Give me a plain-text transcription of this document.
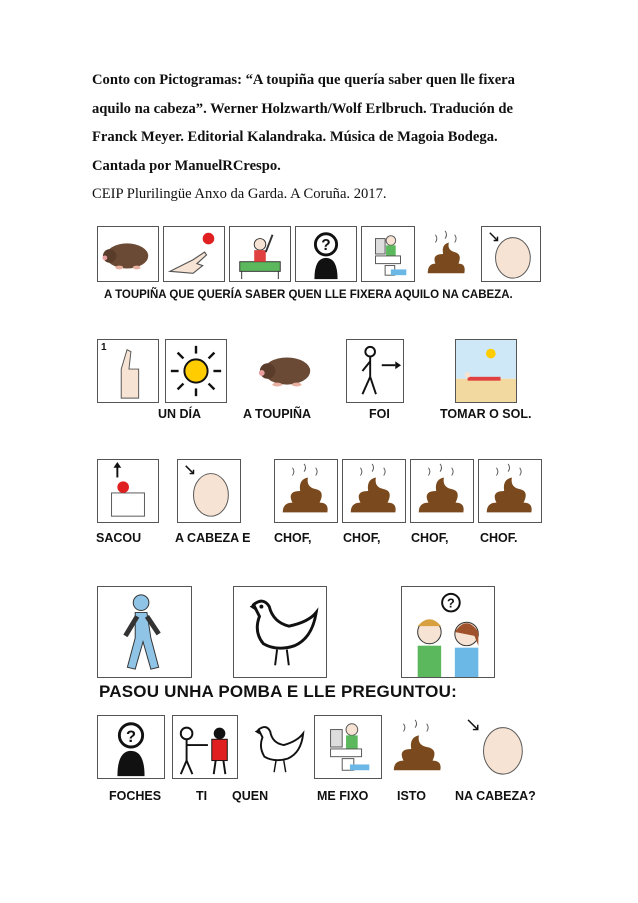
Conto con Pictogramas: “A toupiña que quería saber quen lle fixera
aquilo na cabeza”. Werner Holzwarth/Wolf Erlbruch. Tradución de
Franck Meyer. Editorial Kalandraka. Música de Magoia Bodega.
Cantada por ManuelRCrespo.
CEIP Plurilingüe Anxo da Garda. A Coruña. 2017.
?
A TOUPIÑA QUE QUERÍA SABER QUEN LLE FIXERA AQUILO NA CABEZA.
1
UN DÍA	A TOUPIÑA	FOI	TOMAR O SOL.
SACOU	A CABEZA E CHOF,	CHOF, CHOF,	CHOF.
?
PASOU UNHA POMBA E LLE PREGUNTOU:
?
FOCHES	TI QUEN	ME FIXO ISTO NA CABEZA?
